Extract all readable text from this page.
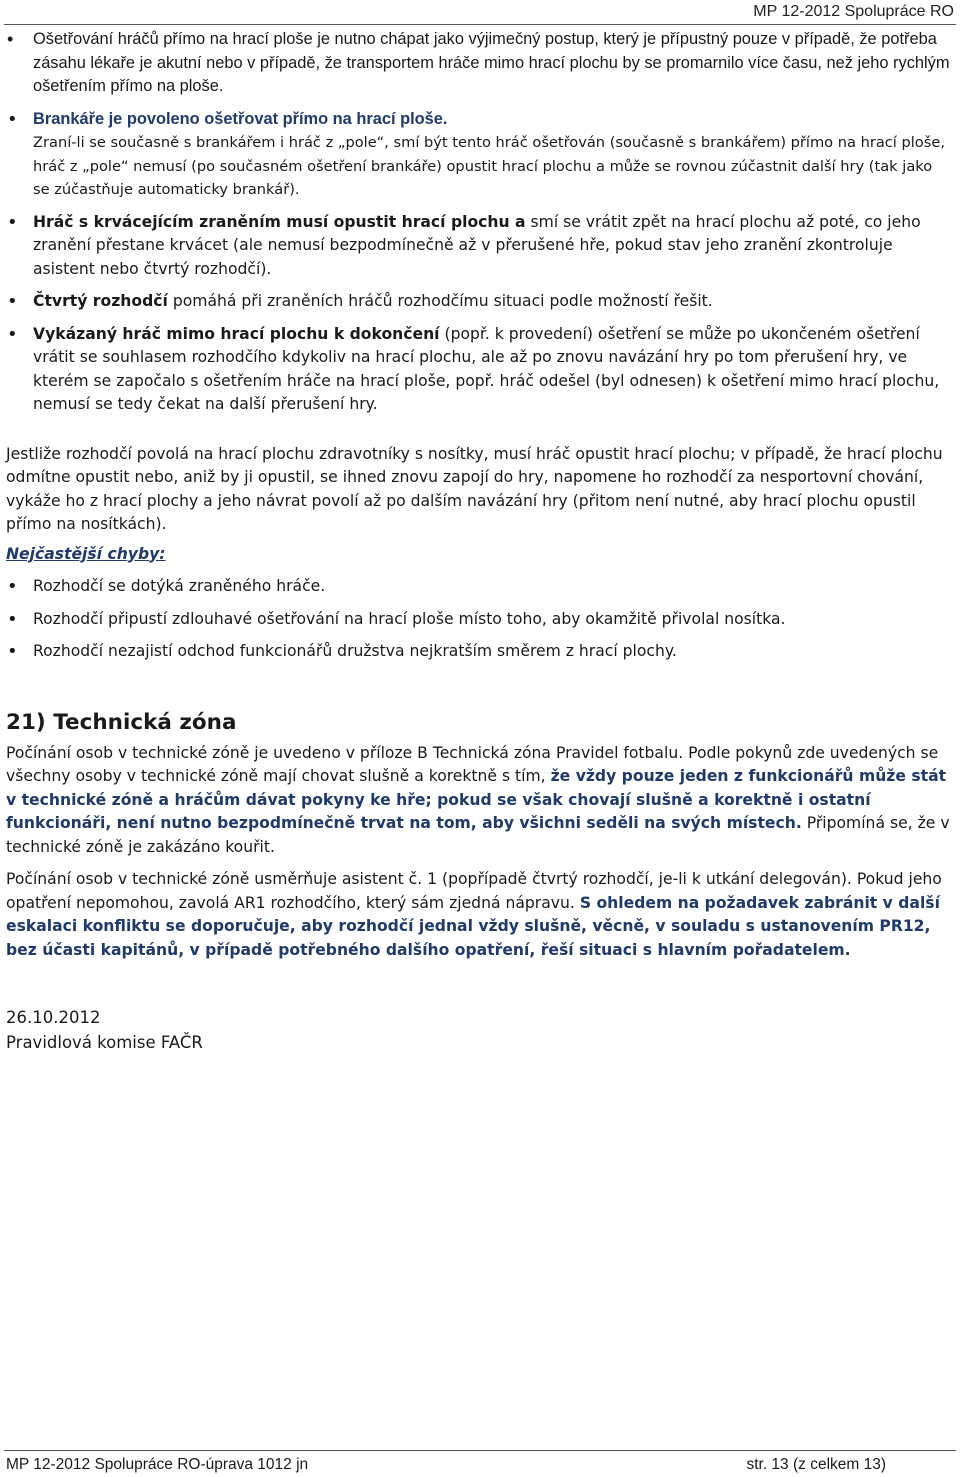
MP 12-2012 Spolupráce RO
• Ošetřování hráčů přímo na hrací ploše je nutno chápat jako výjimečný postup, který je přípustný pouze v případě, že potřeba zásahu lékaře je akutní nebo v případě, že transportem hráče mimo hrací plochu by se promarnilo více času, než jeho rychlým ošetřením přímo na ploše.
• Brankáře je povoleno ošetřovat přímo na hrací ploše.
Zraní-li se současně s brankářem i hráč z „pole“, smí být tento hráč ošetřován (současně s brankářem) přímo na hrací ploše, hráč z „pole“ nemusí (po současném ošetření brankáře) opustit hrací plochu a může se rovnou zúčastnit další hry (tak jako se zúčastňuje automaticky brankář).
• Hráč s krvácejícím zraněním musí opustit hrací plochu a smí se vrátit zpět na hrací plochu až poté, co jeho zranění přestane krvácet (ale nemusí bezpodmínečně až v přerušené hře, pokud stav jeho zranění zkontroluje asistent nebo čtvrtý rozhodčí).
• Čtvrtý rozhodčí pomáhá při zraněních hráčů rozhodčímu situaci podle možností řešit.
• Vykázaný hráč mimo hrací plochu k dokončení (popř. k provedení) ošetření se může po ukončeném ošetření vrátit se souhlasem rozhodčího kdykoliv na hrací plochu, ale až po znovu navázání hry po tom přerušení hry, ve kterém se započalo s ošetřením hráče na hrací ploše, popř. hráč odešel (byl odnesen) k ošetření mimo hrací plochu, nemusí se tedy čekat na další přerušení hry.

Jestliže rozhodčí povolá na hrací plochu zdravotníky s nosítky, musí hráč opustit hrací plochu; v případě, že hrací plochu odmítne opustit nebo, aniž by ji opustil, se ihned znovu zapojí do hry, napomene ho rozhodčí za nesportovní chování, vykáže ho z hrací plochy a jeho návrat povolí až po dalším navázání hry (přitom není nutné, aby hrací plochu opustil přímo na nosítkách).

Nejčastější chyby:
• Rozhodčí se dotýká zraněného hráče.
• Rozhodčí připustí zdlouhavé ošetřování na hrací ploše místo toho, aby okamžitě přivolal nosítka.
• Rozhodčí nezajistí odchod funkcionářů družstva nejkratším směrem z hrací plochy.
21) Technická zóna

Počínání osob v technické zóně je uvedeno v příloze B Technická zóna Pravidel fotbalu. Podle pokynů zde uvedených se všechny osoby v technické zóně mají chovat slušně a korektně s tím, že vždy pouze jeden z funkcionářů může stát v technické zóně a hráčům dávat pokyny ke hře; pokud se však chovají slušně a korektně i ostatní funkcionáři, není nutno bezpodmínečně trvat na tom, aby všichni seděli na svých místech. Připomíná se, že v technické zóně je zakázáno kouřit.

Počínání osob v technické zóně usměrňuje asistent č. 1 (popřípadě čtvrtý rozhodčí, je-li k utkání delegován). Pokud jeho opatření nepomohou, zavolá AR1 rozhodčího, který sám zjedná nápravu. S ohledem na požadavek zabránit v další eskalaci konfliktu se doporučuje, aby rozhodčí jednal vždy slušně, věcně, v souladu s ustanovením PR12, bez účasti kapitánů, v případě potřebného dalšího opatření, řeší situaci s hlavním pořadatelem.

26.10.2012
Pravidlová komise FAČR
MP 12-2012 Spolupráce RO-úprava 1012 jn	str. 13 (z celkem 13)
